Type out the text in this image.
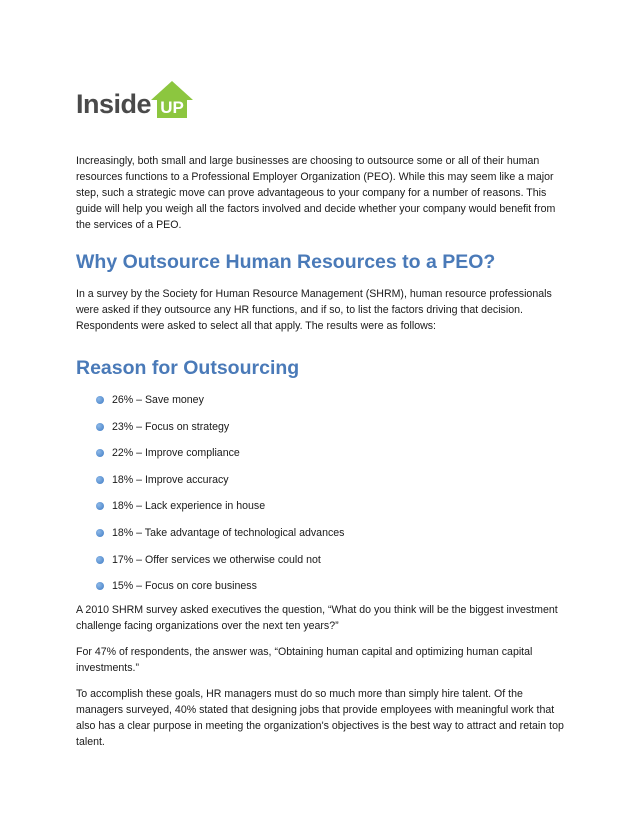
Inside UP

Increasingly, both small and large businesses are choosing to outsource some or all of their human resources functions to a Professional Employer Organization (PEO). While this may seem like a major step, such a strategic move can prove advantageous to your company for a number of reasons. This guide will help you weigh all the factors involved and decide whether your company would benefit from the services of a PEO.

Why Outsource Human Resources to a PEO?

In a survey by the Society for Human Resource Management (SHRM), human resource professionals were asked if they outsource any HR functions, and if so, to list the factors driving that decision. Respondents were asked to select all that apply. The results were as follows:

Reason for Outsourcing
26% – Save money
23% – Focus on strategy
22% – Improve compliance
18% – Improve accuracy
18% – Lack experience in house
18% – Take advantage of technological advances
17% – Offer services we otherwise could not
15% – Focus on core business

A 2010 SHRM survey asked executives the question, “What do you think will be the biggest investment challenge facing organizations over the next ten years?”

For 47% of respondents, the answer was, “Obtaining human capital and optimizing human capital investments.”

To accomplish these goals, HR managers must do so much more than simply hire talent. Of the managers surveyed, 40% stated that designing jobs that provide employees with meaningful work that also has a clear purpose in meeting the organization's objectives is the best way to attract and retain top talent.
